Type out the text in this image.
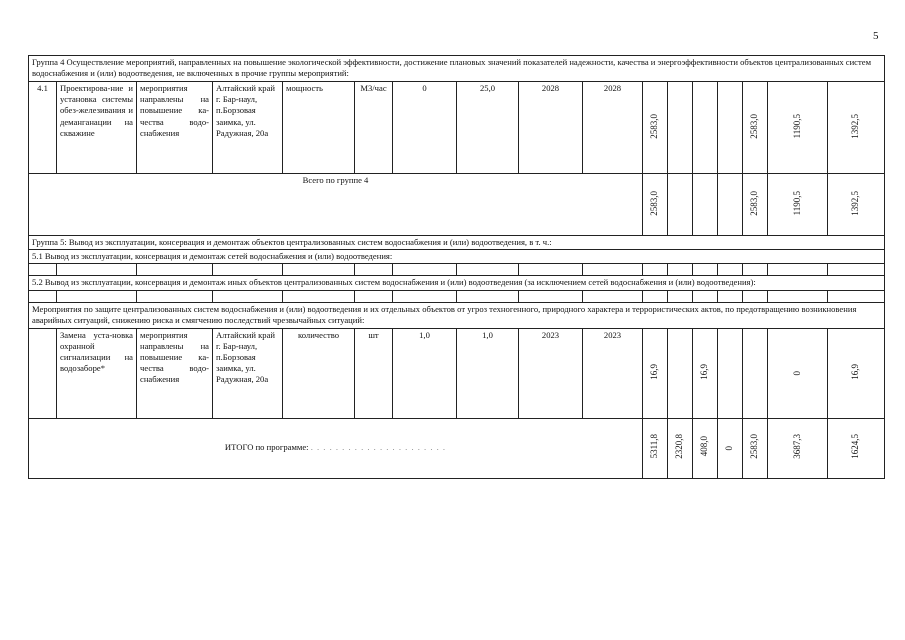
5
Группа 4 Осуществление мероприятий, направленных на повышение экологической эффективности, достижение плановых значений показателей надежности, качества и энергоэффективности объектов централизованных систем водоснабжения и (или) водоотведения, не включенных в прочие группы мероприятий:																
4.1	Проектирова-ние и установка системы обез-железивания и деманганации на скважине	мероприятия направлены на повышение ка-чества водо-снабжения	Алтайский край г. Бар-наул, п.Борзовая заимка, ул. Радужная, 20а	мощность	М3/час	0	25,0	2028	2028	2583,0				2583,0	1190,5	1392,5
Всего по группе 4										2583,0				2583,0	1190,5	1392,5
Группа 5: Вывод из эксплуатации, консервация и демонтаж объектов централизованных систем водоснабжения и (или) водоотведения, в т. ч.:																
5.1 Вывод из эксплуатации, консервация и демонтаж сетей водоснабжения и (или) водоотведения:																

5.2 Вывод из эксплуатации, консервация и демонтаж иных объектов централизованных систем водоснабжения и (или) водоотведения (за исключением сетей водоснабжения и (или) водоотведения):																

Мероприятия по защите централизованных систем водоснабжения и (или) водоотведения и их отдельных объектов от угроз техногенного, природного характера и террористических актов, по предотвращению возникновения аварийных ситуаций, снижению риска и смягчению последствий чрезвычайных ситуаций:																
	Замена уста-новка охранной сигнализации на водозаборе*	мероприятия направлены на повышение ка-чества водо-снабжения	Алтайский край г. Бар-наул, п.Борзовая заимка, ул. Радужная, 20а	количество	шт	1,0	1,0	2023	2023	16,9		16,9			0	16,9
ИТОГО по программе: . . . . . . . . . . . . . . . . . . . . . .										5311,8	2320,8	408,0	0	2583,0	3687,3	1624,5
